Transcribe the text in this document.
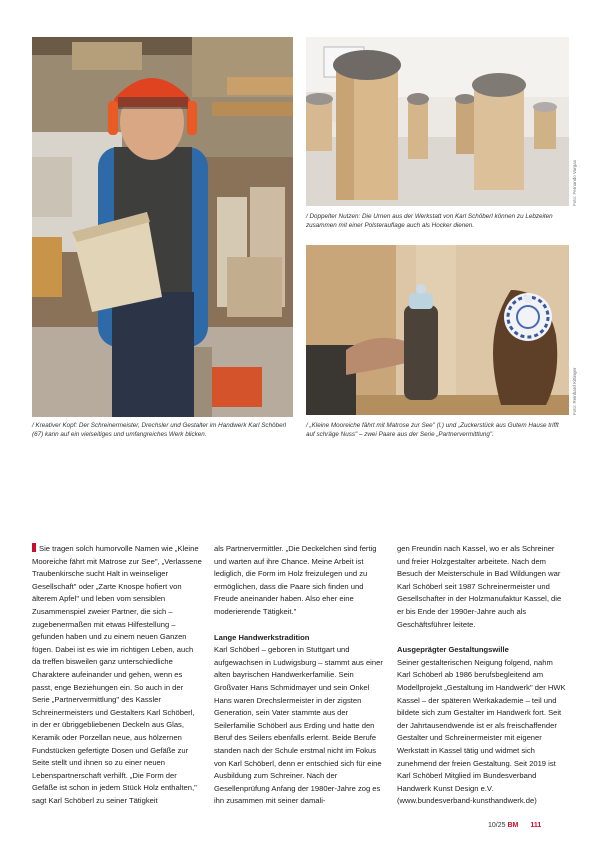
Foto: Fernando Vargas
/ Doppelter Nutzen: Die Urnen aus der Werkstatt von Karl Schöberl können zu Lebzeiten zusammen mit einer Polsterauflage auch als Hocker dienen.
Foto: Reinhard Kittinger
/ „Kleine Mooreiche fährt mit Matrose zur See" (l.) und „Zuckerstück aus Gutem Hause trifft auf schräge Nuss" – zwei Paare aus der Serie „Partnervermittlung".
/ Kreativer Kopf: Der Schreinermeister, Drechsler und Gestalter im Handwerk Karl Schöberl (67) kann auf ein vielseitiges und umfangreiches Werk blicken.

Sie tragen solch humorvolle Namen wie „Kleine Mooreiche fährt mit Matrose zur See", „Verlassene Traubenkirsche sucht Halt in weinseliger Gesellschaft" oder „Zarte Knospe hofiert von älterem Apfel" und leben vom sensiblen Zusammenspiel zweier Partner, die sich – zugebenermaßen mit etwas Hilfestellung – gefunden haben und zu einem neuen Ganzen fügen. Dabei ist es wie im richtigen Leben, auch da treffen bisweilen ganz unterschiedliche Charaktere aufeinander und gehen, wenn es passt, enge Beziehungen ein. So auch in der Serie „Partnervermittlung" des Kassler Schreinermeisters und Gestalters Karl Schöberl, in der er übriggebliebenen Deckeln aus Glas, Keramik oder Porzellan neue, aus hölzernen Fundstücken gefertigte Dosen und Gefäße zur Seite stellt und ihnen so zu einer neuen Lebenspartnerschaft verhilft. „Die Form der Gefäße ist schon in jedem Stück Holz enthalten," sagt Karl Schöberl zu seiner Tätigkeit

als Partnervermittler. „Die Deckelchen sind fertig und warten auf ihre Chance. Meine Arbeit ist lediglich, die Form im Holz freizulegen und zu ermöglichen, dass die Paare sich finden und Freude aneinander haben. Also eher eine moderierende Tätigkeit."

Lange Handwerkstradition

Karl Schöberl – geboren in Stuttgart und aufgewachsen in Ludwigsburg – stammt aus einer alten bayrischen Handwerkerfamilie. Sein Großvater Hans Schmidmayer und sein Onkel Hans waren Drechslermeister in der zigsten Generation, sein Vater stammte aus der Seilerfamilie Schöberl aus Erding und hatte den Beruf des Seilers ebenfalls erlernt. Beide Berufe standen nach der Schule erstmal nicht im Fokus von Karl Schöberl, denn er entschied sich für eine Ausbildung zum Schreiner. Nach der Gesellenprüfung Anfang der 1980er-Jahre zog es ihn zusammen mit seiner damali-

gen Freundin nach Kassel, wo er als Schreiner und freier Holzgestalter arbeitete. Nach dem Besuch der Meisterschule in Bad Wildungen war Karl Schöberl seit 1987 Schreinermeister und Gesellschafter in der Holzmanufaktur Kassel, die er bis Ende der 1990er-Jahre auch als Geschäftsführer leitete.

Ausgeprägter Gestaltungswille

Seiner gestalterischen Neigung folgend, nahm Karl Schöberl ab 1986 berufsbegleitend am Modellprojekt „Gestaltung im Handwerk" der HWK Kassel – der späteren Werkakademie – teil und bildete sich zum Gestalter im Handwerk fort. Seit der Jahrtausendwende ist er als freischaffender Gestalter und Schreinermeister mit eigener Werkstatt in Kassel tätig und widmet sich zunehmend der freien Gestaltung. Seit 2019 ist Karl Schöberl Mitglied im Bundesverband Handwerk Kunst Design e.V. (www.bundesverband-kunsthandwerk.de)

10/25 BM 111
